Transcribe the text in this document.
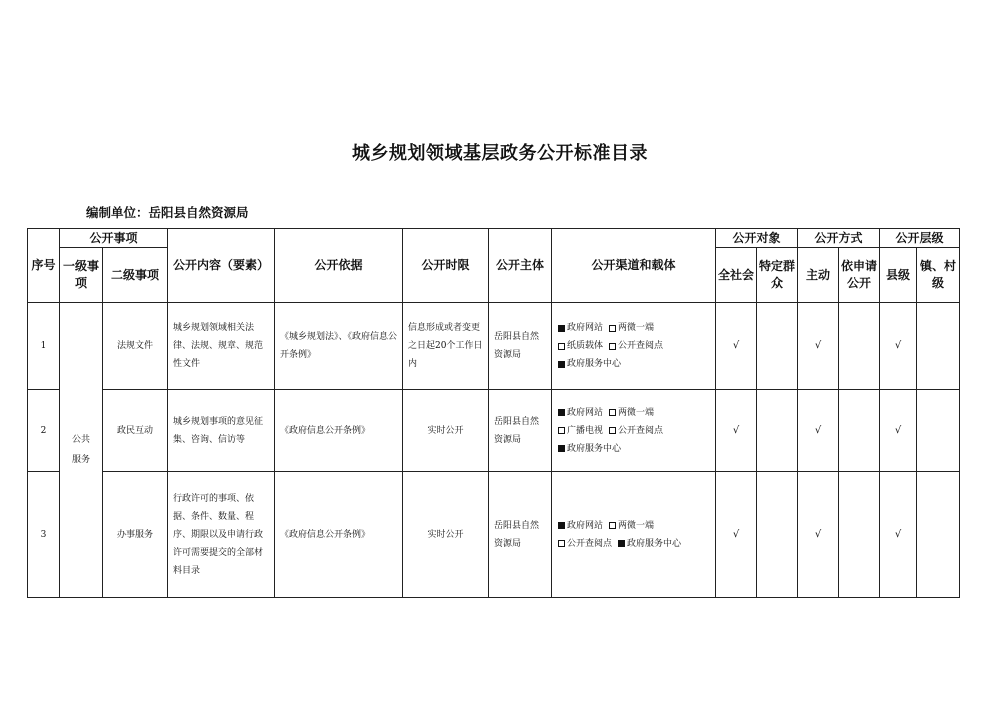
城乡规划领域基层政务公开标准目录
编制单位：岳阳县自然资源局
序号	公开事项		公开内容（要素）	公开依据	公开时限	公开主体	公开渠道和载体	公开对象		公开方式		公开层级	
	一级事项	二级事项						全社会	特定群众	主动	依申请公开	县级	镇、村级
1	公共服务	法规文件	城乡规划领域相关法律、法规、规章、规范性文件	《城乡规划法》、《政府信息公开条例》	信息形成或者变更之日起20个工作日内	岳阳县自然资源局	政府网站 两微一端
纸质载体 公开查阅点
政府服务中心	√		√		√	
2		政民互动	城乡规划事项的意见征集、咨询、信访等	《政府信息公开条例》	实时公开	岳阳县自然资源局	政府网站 两微一端
广播电视 公开查阅点
政府服务中心	√		√		√	
3		办事服务	行政许可的事项、依据、条件、数量、程序、期限以及申请行政许可需要提交的全部材料目录	《政府信息公开条例》	实时公开	岳阳县自然资源局	政府网站 两微一端
公开查阅点 政府服务中心	√		√		√	
